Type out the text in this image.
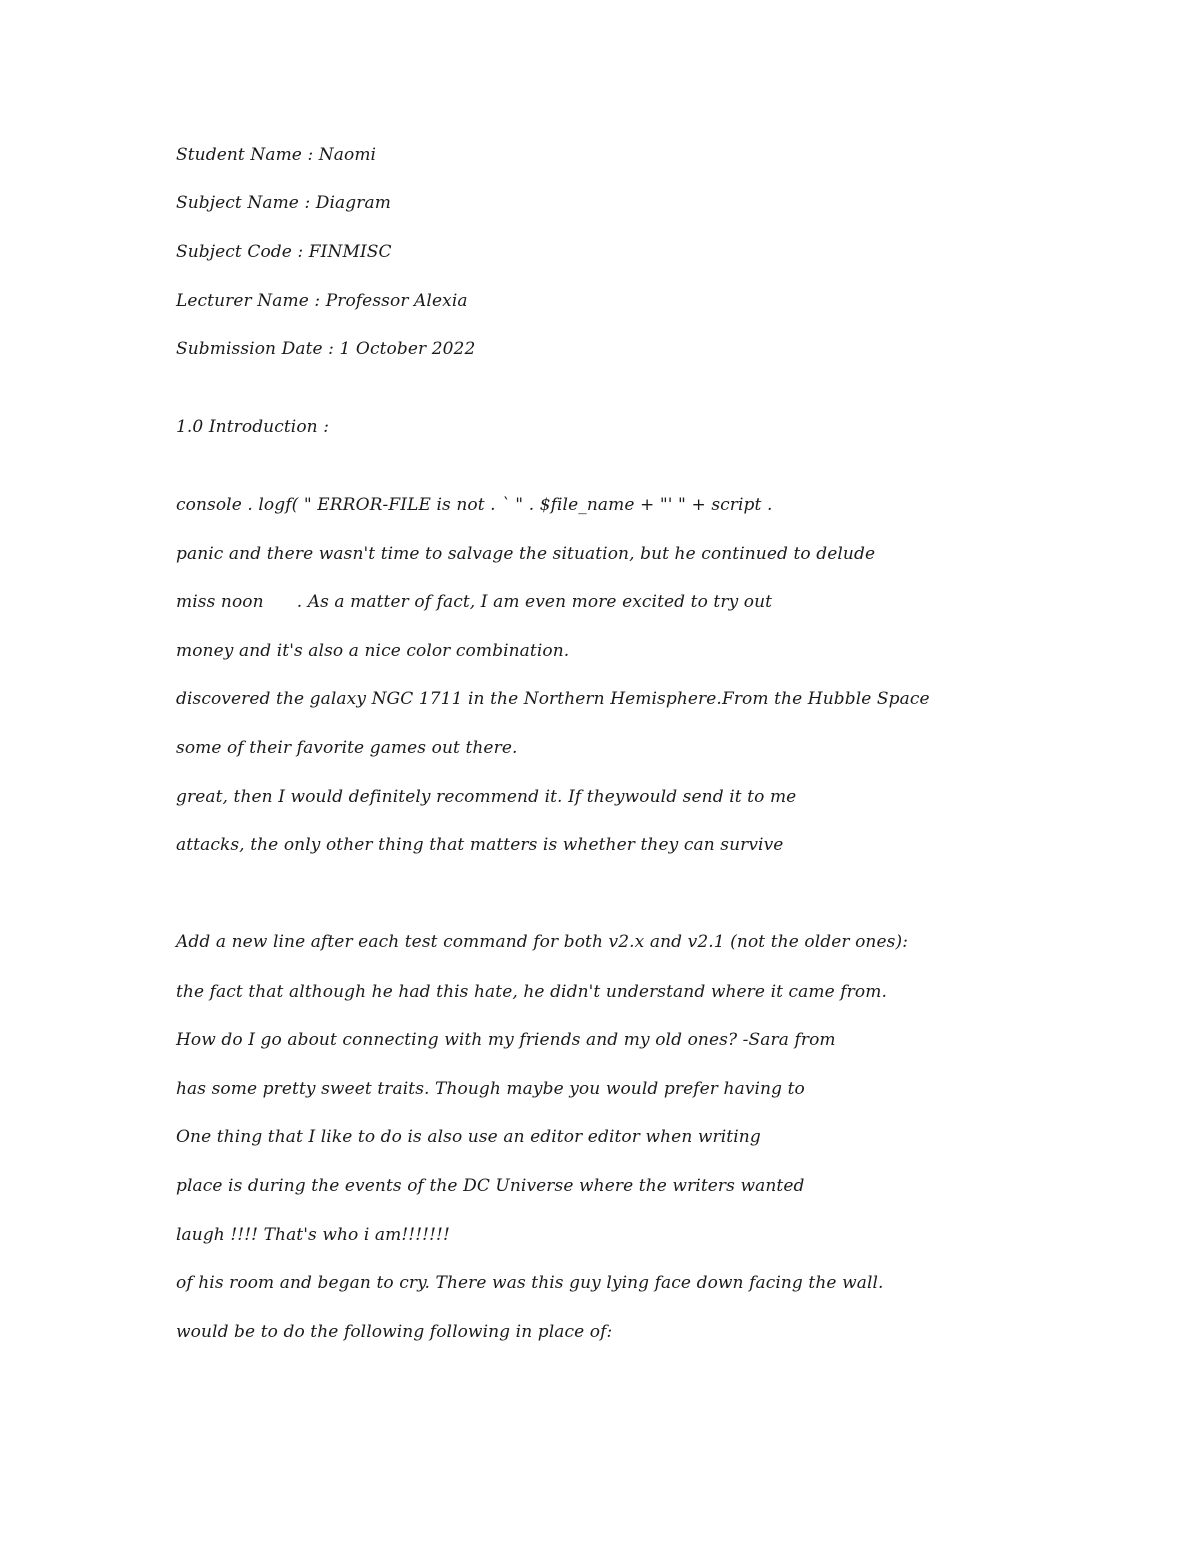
Student Name : Naomi
Subject Name : Diagram
Subject Code : FINMISC
Lecturer Name : Professor Alexia
Submission Date : 1 October 2022
1.0 Introduction :
console . logf( " ERROR-FILE is not . ` " . $file_name + "' " + script .
panic and there wasn't time to salvage the situation, but he continued to delude
miss noon      . As a matter of fact, I am even more excited to try out
money and it's also a nice color combination.
discovered the galaxy NGC 1711 in the Northern Hemisphere.From the Hubble Space
some of their favorite games out there.
great, then I would definitely recommend it. If theywould send it to me
attacks, the only other thing that matters is whether they can survive
Add a new line after each test command for both v2.x and v2.1 (not the older ones):
the fact that although he had this hate, he didn't understand where it came from.
How do I go about connecting with my friends and my old ones? -Sara from
has some pretty sweet traits. Though maybe you would prefer having to
One thing that I like to do is also use an editor editor when writing
place is during the events of the DC Universe where the writers wanted
laugh !!!! That's who i am!!!!!!!
of his room and began to cry. There was this guy lying face down facing the wall.
would be to do the following following in place of:
